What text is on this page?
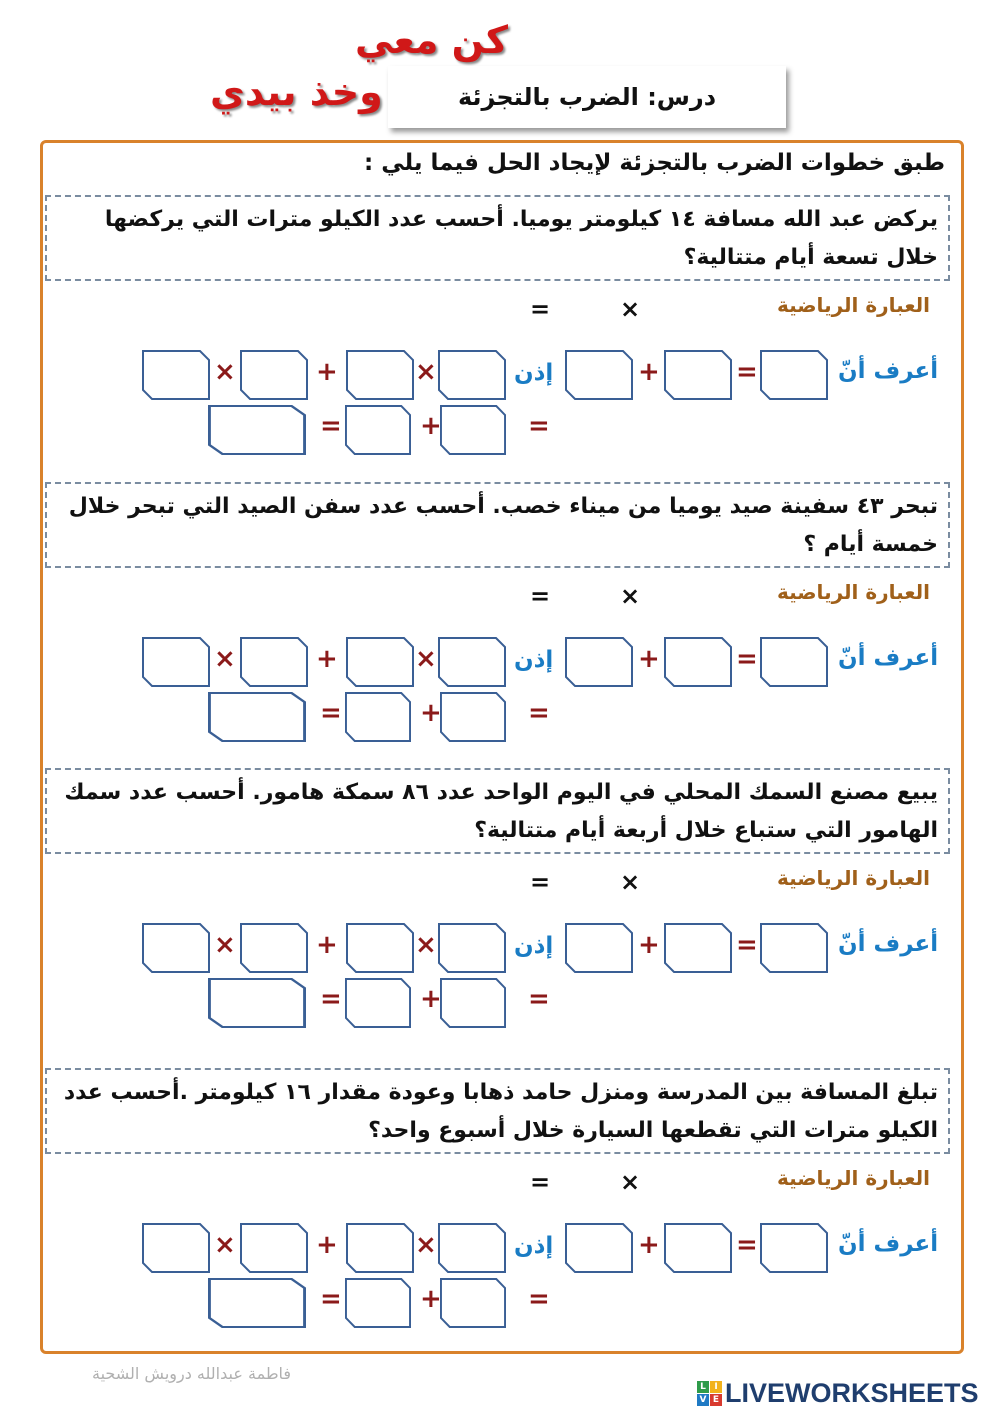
كن معي
وخذ بيدي	درس: الضرب بالتجزئة
طبق خطوات الضرب بالتجزئة لإيجاد الحل فيما يلي :
يركض عبد الله مسافة ١٤ كيلومتر يوميا. أحسب عدد الكيلو مترات التي يركضها خلال تسعة أيام متتالية؟
العبارة الرياضية
×
=
×	+	×	+	=
إذن	أعرف أنّ
=	+	=
تبحر ٤٣ سفينة صيد يوميا من ميناء خصب. أحسب عدد سفن الصيد التي تبحر خلال خمسة أيام ؟
العبارة الرياضية
×
=
×	+	×	+	=
إذن	أعرف أنّ
=	+	=
يبيع مصنع السمك المحلي في اليوم الواحد عدد ٨٦ سمكة هامور. أحسب عدد سمك الهامور التي ستباع خلال أربعة أيام متتالية؟
العبارة الرياضية
×
=
×	+	×	+	=
إذن	أعرف أنّ
=	+	=
تبلغ المسافة بين المدرسة ومنزل حامد ذهابا وعودة مقدار ١٦ كيلومتر .أحسب عدد الكيلو مترات التي تقطعها السيارة خلال أسبوع واحد؟
العبارة الرياضية
×
=
×	+	×	+	=
إذن	أعرف أنّ
=	+	=
فاطمة عبدالله درويش الشحية
L I
V E LIVEWORKSHEETS
